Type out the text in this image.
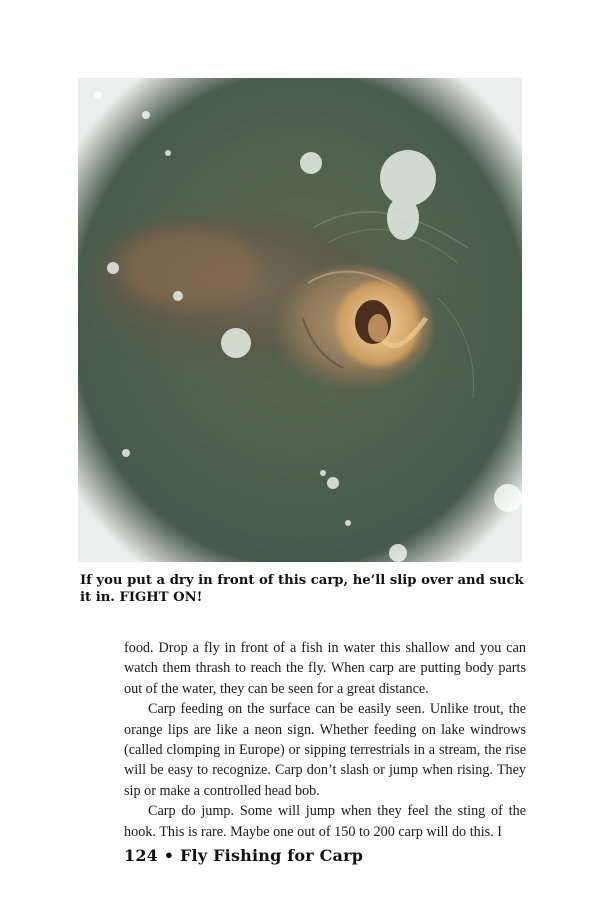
If you put a dry in front of this carp, he’ll slip over and suck it in. FIGHT ON!

food. Drop a fly in front of a fish in water this shallow and you can watch them thrash to reach the fly. When carp are putting body parts out of the water, they can be seen for a great distance.

Carp feeding on the surface can be easily seen. Unlike trout, the orange lips are like a neon sign. Whether feeding on lake windrows (called clomping in Europe) or sipping terrestrials in a stream, the rise will be easy to recognize. Carp don’t slash or jump when rising. They sip or make a controlled head bob.

Carp do jump. Some will jump when they feel the sting of the hook. This is rare. Maybe one out of 150 to 200 carp will do this. I

124 • Fly Fishing for Carp
